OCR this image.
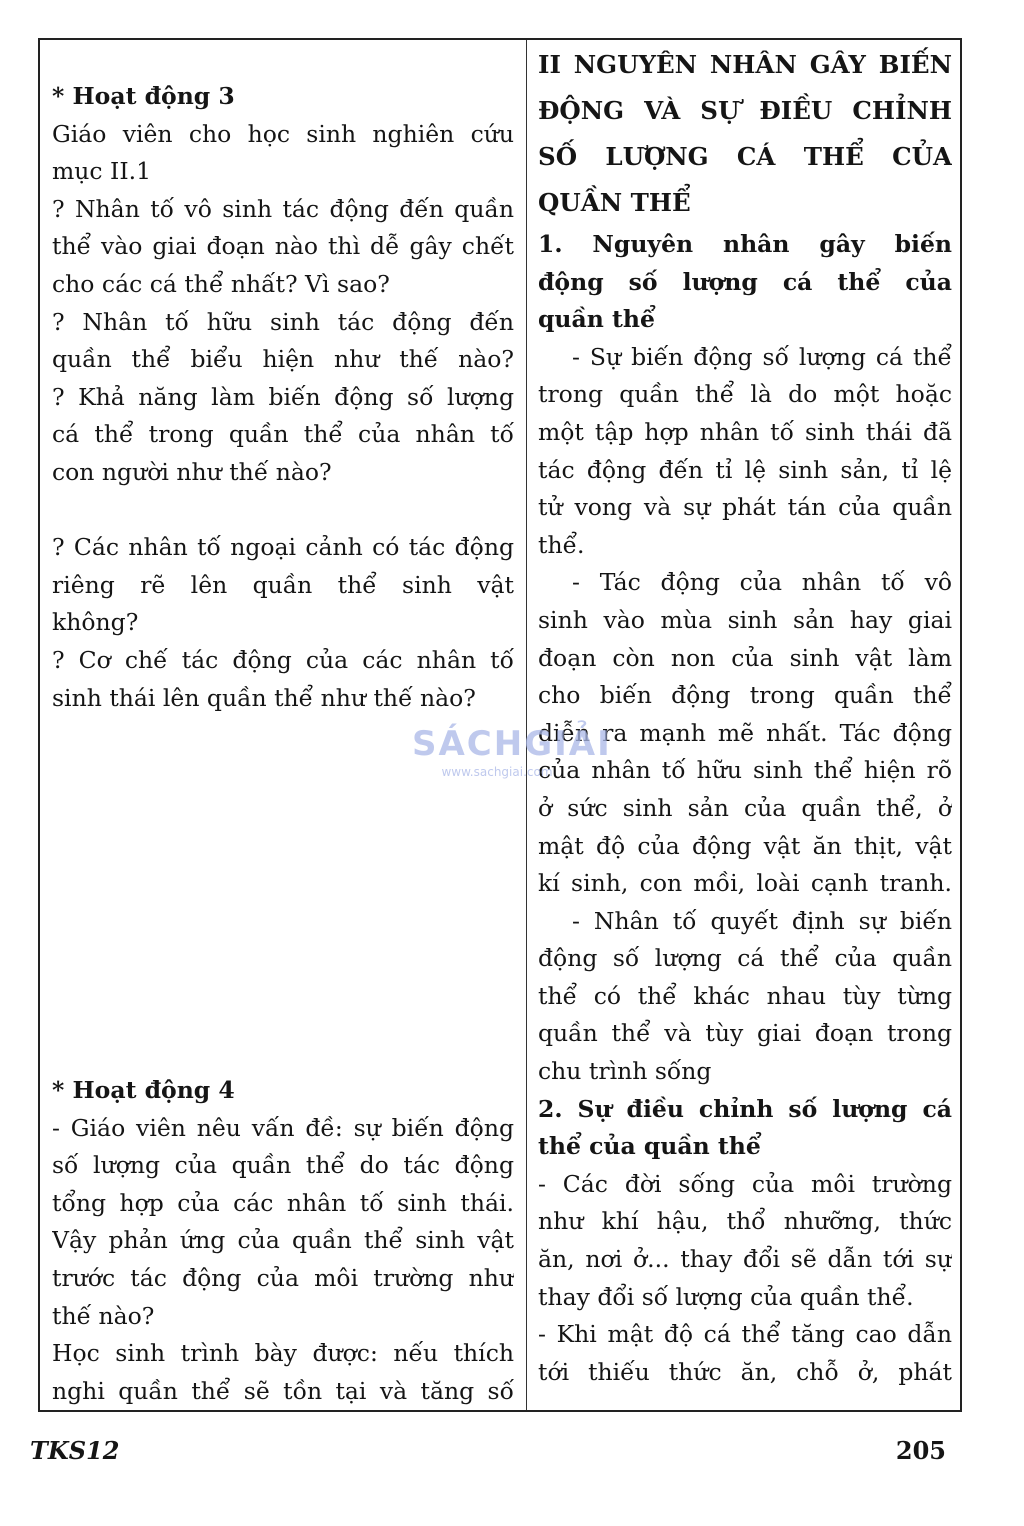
* Hoạt động 3
Giáo viên cho học sinh nghiên cứu
mục II.1
? Nhân tố vô sinh tác động đến quần
thể vào giai đoạn nào thì dễ gây chết
cho các cá thể nhất? Vì sao?
? Nhân tố hữu sinh tác động đến
quần thể biểu hiện như thế nào?
? Khả năng làm biến động số lượng
cá thể trong quần thể của nhân tố
con người như thế nào?
? Các nhân tố ngoại cảnh có tác động
riêng rẽ lên quần thể sinh vật
không?
? Cơ chế tác động của các nhân tố
sinh thái lên quần thể như thế nào?
* Hoạt động 4
- Giáo viên nêu vấn đề: sự biến động
số lượng của quần thể do tác động
tổng hợp của các nhân tố sinh thái.
Vậy phản ứng của quần thể sinh vật
trước tác động của môi trường như
thế nào?
Học sinh trình bày được: nếu thích
nghi quần thể sẽ tồn tại và tăng số
II NGUYÊN NHÂN GÂY BIẾN
ĐỘNG VÀ SỰ ĐIỀU CHỈNH
SỐ LƯỢNG CÁ THỂ CỦA
QUẦN THỂ
1. Nguyên nhân gây biến
động số lượng cá thể của
quần thể
- Sự biến động số lượng cá thể
trong quần thể là do một hoặc
một tập hợp nhân tố sinh thái đã
tác động đến tỉ lệ sinh sản, tỉ lệ
tử vong và sự phát tán của quần
thể.
- Tác động của nhân tố vô
sinh vào mùa sinh sản hay giai
đoạn còn non của sinh vật làm
cho biến động trong quần thể
diễn ra mạnh mẽ nhất. Tác động
của nhân tố hữu sinh thể hiện rõ
ở sức sinh sản của quần thể, ở
mật độ của động vật ăn thịt, vật
kí sinh, con mồi, loài cạnh tranh.
- Nhân tố quyết định sự biến
động số lượng cá thể của quần
thể có thể khác nhau tùy từng
quần thể và tùy giai đoạn trong
chu trình sống
2. Sự điều chỉnh số lượng cá
thể của quần thể
- Các đời sống của môi trường
như khí hậu, thổ nhưỡng, thức
ăn, nơi ở... thay đổi sẽ dẫn tới sự
thay đổi số lượng của quần thể.
- Khi mật độ cá thể tăng cao dẫn
tới thiếu thức ăn, chỗ ở, phát
SÁCHGIẢI
www.sachgiai.com
TKS12	205
